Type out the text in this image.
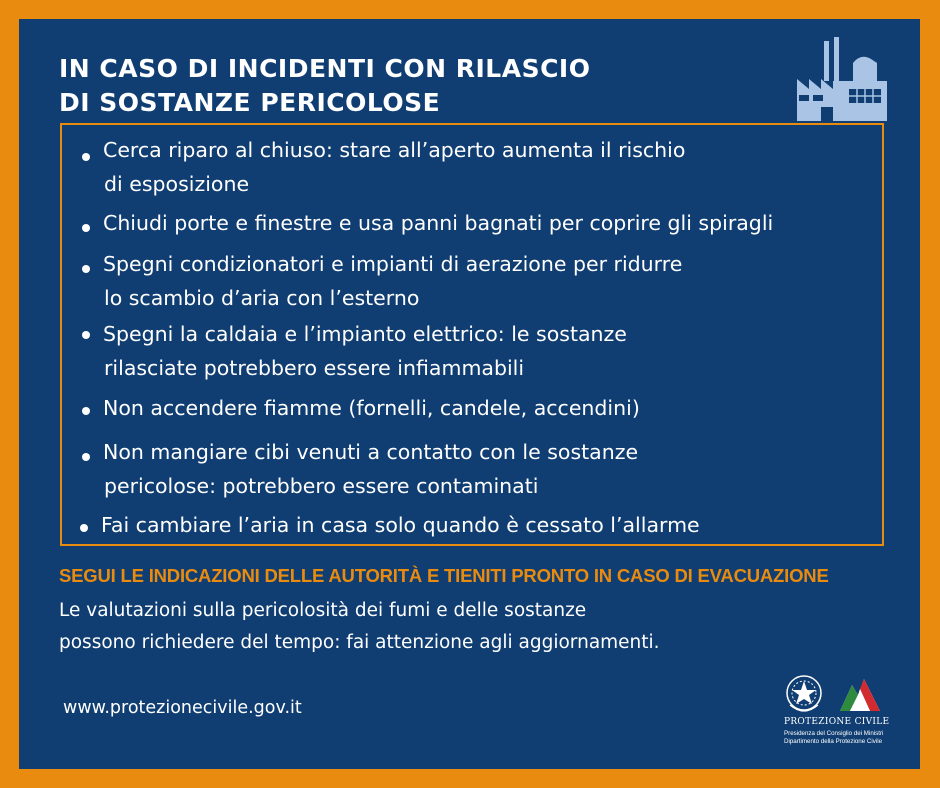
IN CASO DI INCIDENTI CON RILASCIO
DI SOSTANZE PERICOLOSE
Cerca riparo al chiuso: stare all’aperto aumenta il rischio
di esposizione
Chiudi porte e finestre e usa panni bagnati per coprire gli spiragli
Spegni condizionatori e impianti di aerazione per ridurre
lo scambio d’aria con l’esterno
Spegni la caldaia e l’impianto elettrico: le sostanze
rilasciate potrebbero essere infiammabili
Non accendere fiamme (fornelli, candele, accendini)
Non mangiare cibi venuti a contatto con le sostanze
pericolose: potrebbero essere contaminati
Fai cambiare l’aria in casa solo quando è cessato l’allarme
SEGUI LE INDICAZIONI DELLE AUTORITÀ E TIENITI PRONTO IN CASO DI EVACUAZIONE
Le valutazioni sulla pericolosità dei fumi e delle sostanze
possono richiedere del tempo: fai attenzione agli aggiornamenti.
www.protezionecivile.gov.it
PROTEZIONE CIVILE
Presidenza del Consiglio dei Ministri
Dipartimento della Protezione Civile
